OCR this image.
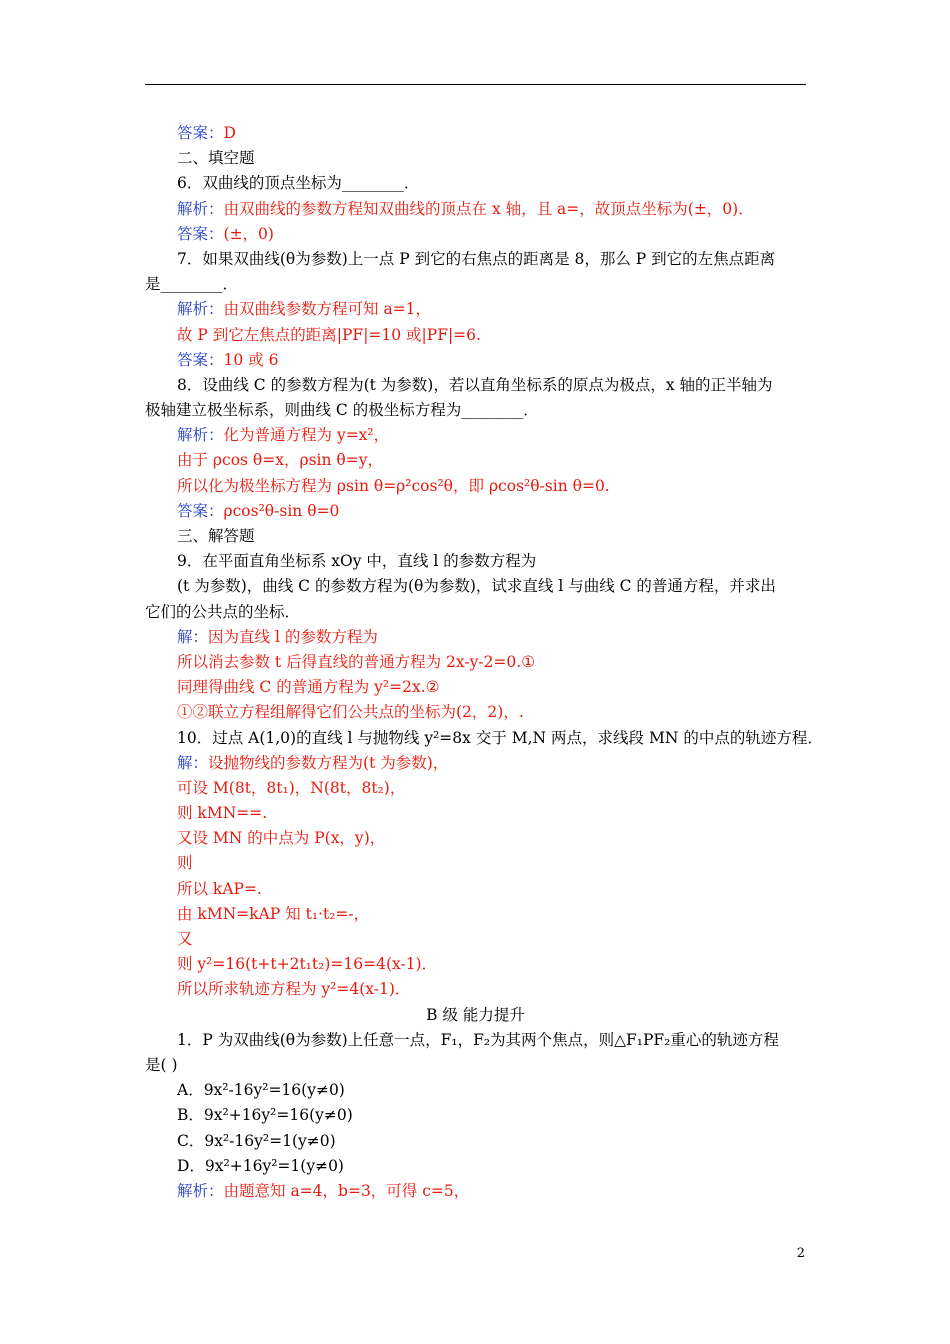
答案：D
二、填空题
6．双曲线的顶点坐标为________．
解析：由双曲线的参数方程知双曲线的顶点在 x 轴，且 a=，故顶点坐标为(±，0)．
答案：(±，0)
7．如果双曲线(θ为参数)上一点 P 到它的右焦点的距离是 8，那么 P 到它的左焦点距离
是________．
解析：由双曲线参数方程可知 a=1，
故 P 到它左焦点的距离|PF|=10 或|PF|=6.
答案：10 或 6
8．设曲线 C 的参数方程为(t 为参数)，若以直角坐标系的原点为极点，x 轴的正半轴为
极轴建立极坐标系，则曲线 C 的极坐标方程为________．
解析：化为普通方程为 y=x²，
由于 ρcos θ=x，ρsin θ=y，
所以化为极坐标方程为 ρsin θ=ρ²cos²θ，即 ρcos²θ-sin θ=0.
答案：ρcos²θ-sin θ=0
三、解答题
9．在平面直角坐标系 xOy 中，直线 l 的参数方程为
(t 为参数)，曲线 C 的参数方程为(θ为参数)，试求直线 l 与曲线 C 的普通方程，并求出
它们的公共点的坐标．
解：因为直线 l 的参数方程为
所以消去参数 t 后得直线的普通方程为 2x-y-2=0.①
同理得曲线 C 的普通方程为 y²=2x.②
①②联立方程组解得它们公共点的坐标为(2，2)，.
10．过点 A(1,0)的直线 l 与抛物线 y²=8x 交于 M,N 两点，求线段 MN 的中点的轨迹方程．
解：设抛物线的参数方程为(t 为参数)，
可设 M(8t，8t₁)，N(8t，8t₂)，
则 kMN==.
又设 MN 的中点为 P(x，y)，
则
所以 kAP=.
由 kMN=kAP 知 t₁·t₂=-，
又
则 y²=16(t+t+2t₁t₂)=16=4(x-1)．
所以所求轨迹方程为 y²=4(x-1)．
B 级 能力提升
1．P 为双曲线(θ为参数)上任意一点，F₁，F₂为其两个焦点，则△F₁PF₂重心的轨迹方程
是( )
A．9x²-16y²=16(y≠0)
B．9x²+16y²=16(y≠0)
C．9x²-16y²=1(y≠0)
D．9x²+16y²=1(y≠0)
解析：由题意知 a=4，b=3，可得 c=5，
2
